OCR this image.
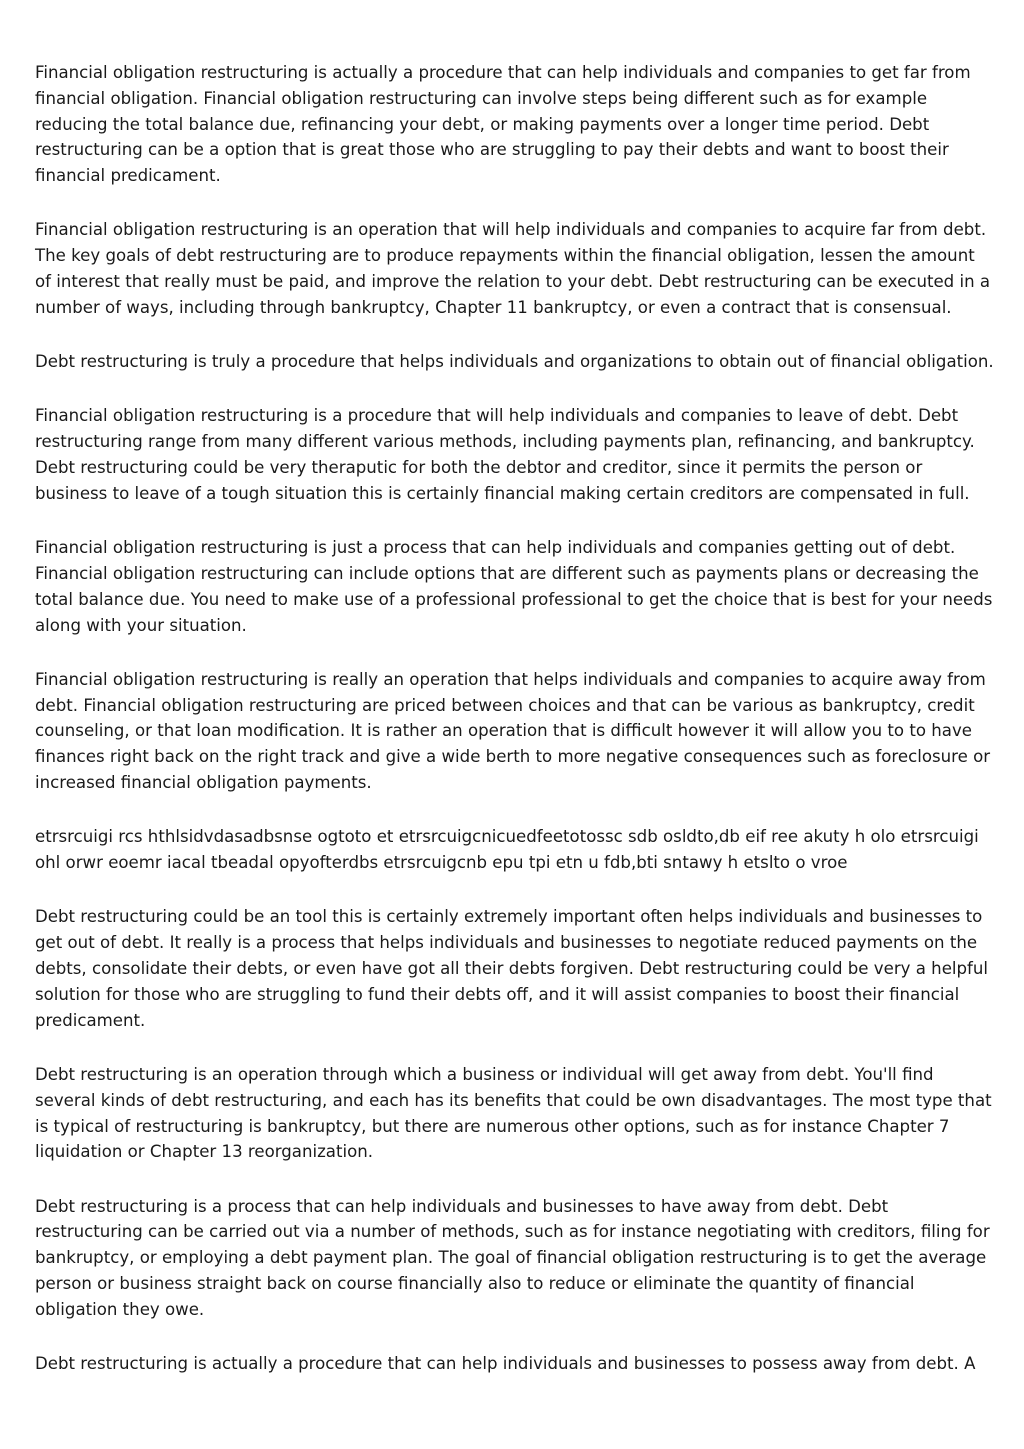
Financial obligation restructuring is actually a procedure that can help individuals and companies to get far from financial obligation. Financial obligation restructuring can involve steps being different such as for example reducing the total balance due, refinancing your debt, or making payments over a longer time period. Debt restructuring can be a option that is great those who are struggling to pay their debts and want to boost their financial predicament.

Financial obligation restructuring is an operation that will help individuals and companies to acquire far from debt. The key goals of debt restructuring are to produce repayments within the financial obligation, lessen the amount of interest that really must be paid, and improve the relation to your debt. Debt restructuring can be executed in a number of ways, including through bankruptcy, Chapter 11 bankruptcy, or even a contract that is consensual.

Debt restructuring is truly a procedure that helps individuals and organizations to obtain out of financial obligation.

Financial obligation restructuring is a procedure that will help individuals and companies to leave of debt. Debt restructuring range from many different various methods, including payments plan, refinancing, and bankruptcy. Debt restructuring could be very theraputic for both the debtor and creditor, since it permits the person or business to leave of a tough situation this is certainly financial making certain creditors are compensated in full.

Financial obligation restructuring is just a process that can help individuals and companies getting out of debt. Financial obligation restructuring can include options that are different such as payments plans or decreasing the total balance due. You need to make use of a professional professional to get the choice that is best for your needs along with your situation.

Financial obligation restructuring is really an operation that helps individuals and companies to acquire away from debt. Financial obligation restructuring are priced between choices and that can be various as bankruptcy, credit counseling, or that loan modification. It is rather an operation that is difficult however it will allow you to to have finances right back on the right track and give a wide berth to more negative consequences such as foreclosure or increased financial obligation payments.

etrsrcuigi rcs hthlsidvdasadbsnse ogtoto et etrsrcuigcnicuedfeetotossc sdb osldto,db eif ree akuty h olo etrsrcuigi ohl orwr eoemr iacal tbeadal opyofterdbs etrsrcuigcnb epu tpi etn u fdb,bti sntawy h etslto o vroe

Debt restructuring could be an tool this is certainly extremely important often helps individuals and businesses to get out of debt. It really is a process that helps individuals and businesses to negotiate reduced payments on the debts, consolidate their debts, or even have got all their debts forgiven. Debt restructuring could be very a helpful solution for those who are struggling to fund their debts off, and it will assist companies to boost their financial predicament.

Debt restructuring is an operation through which a business or individual will get away from debt. You'll find several kinds of debt restructuring, and each has its benefits that could be own disadvantages. The most type that is typical of restructuring is bankruptcy, but there are numerous other options, such as for instance Chapter 7 liquidation or Chapter 13 reorganization.

Debt restructuring is a process that can help individuals and businesses to have away from debt. Debt restructuring can be carried out via a number of methods, such as for instance negotiating with creditors, filing for bankruptcy, or employing a debt payment plan. The goal of financial obligation restructuring is to get the average person or business straight back on course financially also to reduce or eliminate the quantity of financial obligation they owe.

Debt restructuring is actually a procedure that can help individuals and businesses to possess away from debt. A
